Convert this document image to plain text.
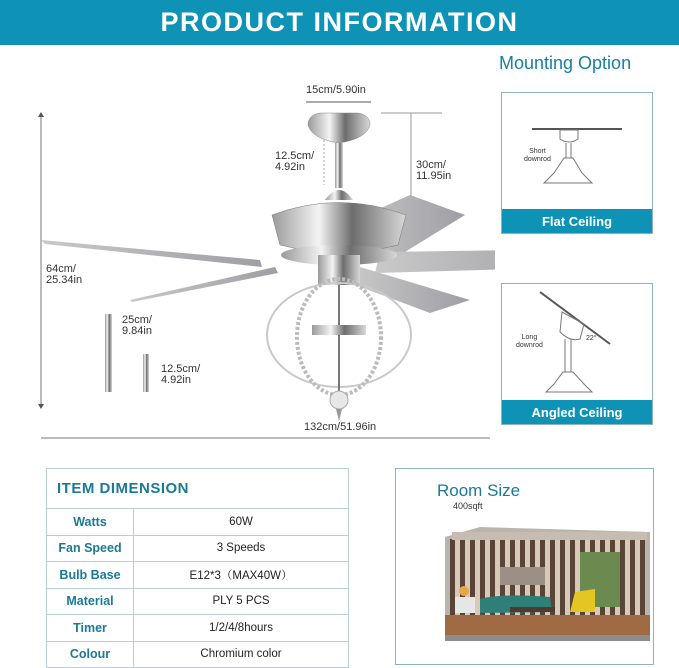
PRODUCT INFORMATION
15cm/5.90in
12.5cm/
4.92in	30cm/
11.95in
64cm/
25.34in
25cm/
9.84in
12.5cm/
4.92in
132cm/51.96in
Mounting Option
Short
downrod
Flat Ceiling
Long
downrod
22°
Angled Ceiling
ITEM DIMENSION	
Watts	60W
Fan Speed	3 Speeds
Bulb Base	E12*3（MAX40W）
Material	PLY 5 PCS
Timer	1/2/4/8hours
Colour	Chromium color
Room Size
400sqft
